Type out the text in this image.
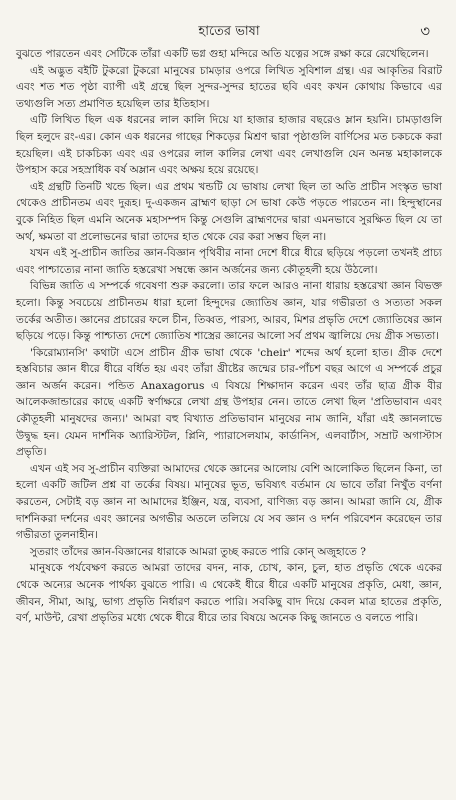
হাতের ভাষা	৩

বুঝতে পারতেন এবং সেটিকে তাঁরা একটি ভগ্ন গুহা মন্দিরে অতি যত্নের সঙ্গে রক্ষা করে রেখেছিলেন।

এই অদ্ভুত বইটি টুকরো টুকরো মানুষের চামড়ার ওপরে লিখিত সুবিশাল গ্রন্থ। এর আকৃতির বিরাট এবং শত শত পৃষ্ঠা ব্যাপী এই গ্রন্থে ছিল সুন্দর-সুন্দর হাতের ছবি এবং কখন কোথায় কিভাবে এর তথ্যগুলি সত্য প্রমাণিত হয়েছিল তার ইতিহাস।

এটি লিখিত ছিল এক ধরনের লাল কালি দিয়ে যা হাজার হাজার বছরেও ম্লান হয়নি। চামড়াগুলি ছিল হলুদে রং-এর। কোন এক ধরনের গাছের শিকড়ের মিশ্রণ দ্বারা পৃষ্ঠাগুলি বার্ণিসের মত চকচকে করা হয়েছিল। এই চাকচিক্য এবং এর ওপরের লাল কালির লেখা এবং লেখাগুলি যেন অনন্ত মহাকালকে উপহাস করে সহস্রাধিক বর্ষ অম্লান এবং অক্ষয় হয়ে রয়েছে।

এই গ্রন্থটি তিনটি খন্ডে ছিল। এর প্রথম খন্ডটি যে ভাষায় লেখা ছিল তা অতি প্রাচীন সংস্কৃত ভাষা থেকেও প্রাচীনতম এবং দুরূহ। দু-একজন ব্রাহ্মণ ছাড়া সে ভাষা কেউ পড়তে পারতেন না। হিন্দুস্থানের বুকে নিহিত ছিল এমনি অনেক মহাসম্পদ কিন্তু সেগুলি ব্রাহ্মণদের দ্বারা এমনভাবে সুরক্ষিত ছিল যে তা অর্থ, ক্ষমতা বা প্রলোভনের দ্বারা তাদের হাত থেকে বের করা সম্ভব ছিল না।

যখন এই সু-প্রাচীন জাতির জ্ঞান-বিজ্ঞান পৃথিবীর নানা দেশে ধীরে ধীরে ছড়িয়ে পড়লো তখনই প্রাচ্য এবং পাশ্চাত্যের নানা জাতি হস্তরেখা সম্বন্ধে জ্ঞান অর্জনের জন্য কৌতূহলী হয়ে উঠলো।

বিভিন্ন জাতি এ সম্পর্কে গবেষণা শুরু করলো। তার ফলে আরও নানা ধারায় হস্তরেখা জ্ঞান বিভক্ত হলো। কিন্তু সবচেয়ে প্রাচীনতম ধারা হলো হিন্দুদের জ্যোতিষ জ্ঞান, যার গভীরতা ও সত্যতা সকল তর্কের অতীত। জ্ঞানের প্রচারের ফলে চীন, তিব্বত, পারস্য, আরব, মিশর প্রভৃতি দেশে জ্যোতিষের জ্ঞান ছড়িয়ে পড়ে। কিন্তু পাশ্চাত্য দেশে জ্যোতিষ শাস্ত্রের জ্ঞানের আলো সর্ব প্রথম জ্বালিয়ে দেয় গ্রীক সভ্যতা।

'কিরোম্যানসি' কথাটা এসে প্রাচীন গ্রীক ভাষা থেকে 'cheir' শব্দের অর্থ হলো হাত। গ্রীক দেশে হস্তবিচার জ্ঞান ধীরে ধীরে বর্ধিত হয় এবং তাঁরা খ্রীষ্টের জন্মের চার-পাঁচশ বছর আগে এ সম্পর্কে প্রচুর জ্ঞান অর্জন করেন। পন্ডিত Anaxagorus এ বিষয়ে শিক্ষাদান করেন এবং তাঁর ছাত্র গ্রীক বীর আলেকজান্ডারের কাছে একটি স্বর্ণাক্ষরে লেখা গ্রন্থ উপহার নেন। তাতে লেখা ছিল 'প্রতিভাবান এবং কৌতূহলী মানুষদের জন্য।' আমরা বহু বিখ্যাত প্রতিভাবান মানুষের নাম জানি, যাঁরা এই জ্ঞানলাভে উদ্বুদ্ধ হন। যেমন দার্শনিক অ্যারিস্টটল, প্লিনি, প্যারাসেলযাম, কার্ডানিস, এলবার্টাস, সম্রাট অগাস্টাস প্রভৃতি।

এখন এই সব সু-প্রাচীন ব্যক্তিরা আমাদের থেকে জ্ঞানের আলোয় বেশি আলোকিত ছিলেন কিনা, তা হলো একটি জটিল প্রশ্ন বা তর্কের বিষয়। মানুষের ভূত, ভবিষ্যৎ বর্তমান যে ভাবে তাঁরা নিখুঁত বর্ণনা করতেন, সেটাই বড় জ্ঞান না আমাদের ইঞ্জিন, যন্ত্র, ব্যবসা, বাণিজ্য বড় জ্ঞান। আমরা জানি যে, গ্রীক দার্শনিকরা দর্শনের এবং জ্ঞানের অগভীর অতলে তলিয়ে যে সব জ্ঞান ও দর্শন পরিবেশন করেছেন তার গভীরতা তুলনাহীন।

সুতরাং তাঁদের জ্ঞান-বিজ্ঞানের ধারাকে আমরা তুচ্ছ করতে পারি কোন্ অজুহাতে ?

মানুষকে পর্যবেক্ষণ করতে আমরা তাদের বদন, নাক, চোখ, কান, চুল, হাত প্রভৃতি থেকে একের থেকে অন্যের অনেক পার্থক্য বুঝতে পারি। এ থেকেই ধীরে ধীরে একটি মানুষের প্রকৃতি, মেধা, জ্ঞান, জীবন, সীমা, আয়ু, ভাগ্য প্রভৃতি নির্ধারণ করতে পারি। সবকিছু বাদ দিয়ে কেবল মাত্র হাতের প্রকৃতি, বর্ণ, মাউন্ট, রেখা প্রভৃতির মধ্যে থেকে ধীরে ধীরে তার বিষয়ে অনেক কিছু জানতে ও বলতে পারি।
